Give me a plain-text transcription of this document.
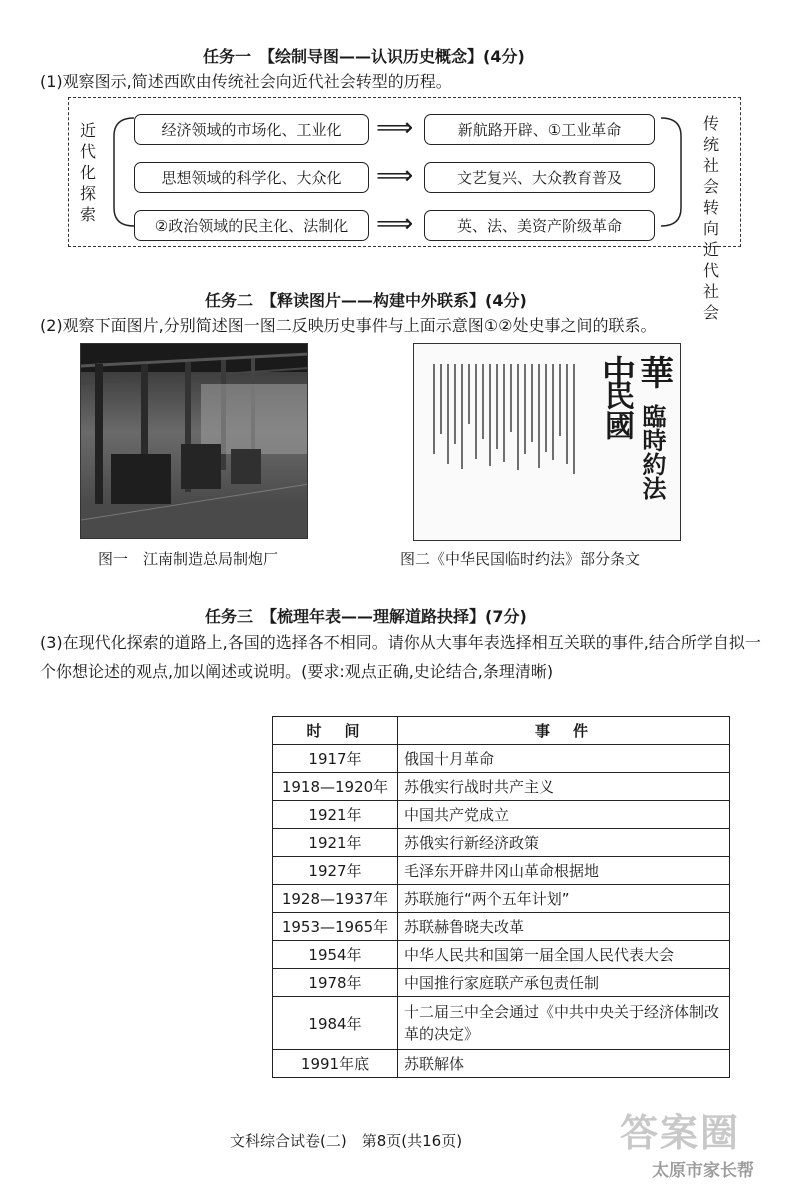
任务一　【绘制导图——认识历史概念】(4分)
(1)观察图示,简述西欧由传统社会向近代社会转型的历程。
近代化探索
传统社会转向近代社会
经济领域的市场化、工业化	⟹	新航路开辟、①工业革命
思想领域的科学化、大众化	⟹	文艺复兴、大众教育普及
②政治领域的民主化、法制化	⟹	英、法、美资产阶级革命
任务二　【释读图片——构建中外联系】(4分)
(2)观察下面图片,分别简述图一图二反映历史事件与上面示意图①②处史事之间的联系。
图一　江南制造总局制炮厂
中華
民國 臨時約法
图二《中华民国临时约法》部分条文
任务三　【梳理年表——理解道路抉择】(7分)
(3)在现代化探索的道路上,各国的选择各不相同。请你从大事年表选择相互关联的事件,结合所学自拟一个你想论述的观点,加以阐述或说明。(要求:观点正确,史论结合,条理清晰)
时　间	事　件
1917年	俄国十月革命
1918—1920年	苏俄实行战时共产主义
1921年	中国共产党成立
1921年	苏俄实行新经济政策
1927年	毛泽东开辟井冈山革命根据地
1928—1937年	苏联施行“两个五年计划”
1953—1965年	苏联赫鲁晓夫改革
1954年	中华人民共和国第一届全国人民代表大会
1978年	中国推行家庭联产承包责任制
1984年	十二届三中全会通过《中共中央关于经济体制改革的决定》
1991年底	苏联解体
文科综合试卷(二)　第8页(共16页)	答案圈
太原市家长帮
